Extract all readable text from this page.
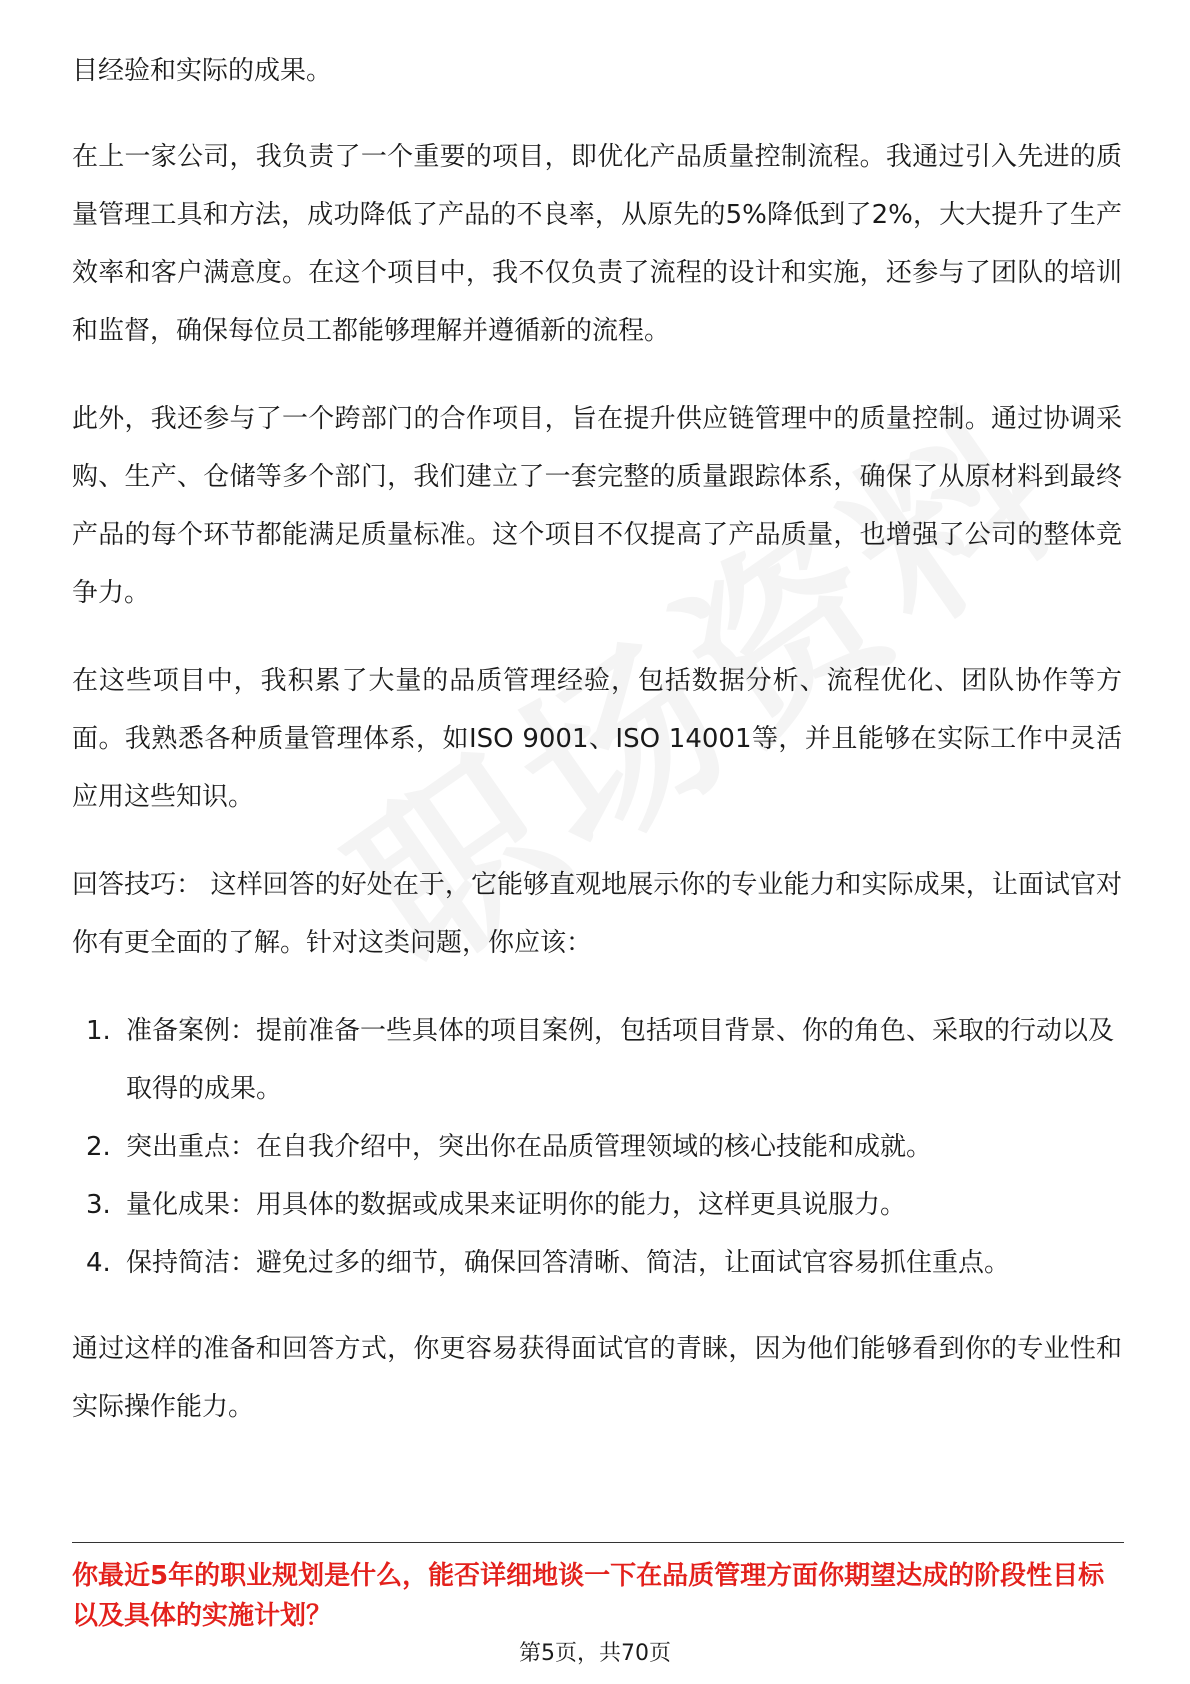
目经验和实际的成果。

在上一家公司，我负责了一个重要的项目，即优化产品质量控制流程。我通过引入先进的质量管理工具和方法，成功降低了产品的不良率，从原先的5%降低到了2%，大大提升了生产效率和客户满意度。在这个项目中，我不仅负责了流程的设计和实施，还参与了团队的培训和监督，确保每位员工都能够理解并遵循新的流程。

此外，我还参与了一个跨部门的合作项目，旨在提升供应链管理中的质量控制。通过协调采购、生产、仓储等多个部门，我们建立了一套完整的质量跟踪体系，确保了从原材料到最终产品的每个环节都能满足质量标准。这个项目不仅提高了产品质量，也增强了公司的整体竞争力。

在这些项目中，我积累了大量的品质管理经验，包括数据分析、流程优化、团队协作等方面。我熟悉各种质量管理体系，如ISO 9001、ISO 14001等，并且能够在实际工作中灵活应用这些知识。

回答技巧： 这样回答的好处在于，它能够直观地展示你的专业能力和实际成果，让面试官对你有更全面的了解。针对这类问题，你应该：

1. 准备案例：提前准备一些具体的项目案例，包括项目背景、你的角色、采取的行动以及取得的成果。
2. 突出重点：在自我介绍中，突出你在品质管理领域的核心技能和成就。
3. 量化成果：用具体的数据或成果来证明你的能力，这样更具说服力。
4. 保持简洁：避免过多的细节，确保回答清晰、简洁，让面试官容易抓住重点。

通过这样的准备和回答方式，你更容易获得面试官的青睐，因为他们能够看到你的专业性和实际操作能力。

你最近5年的职业规划是什么，能否详细地谈一下在品质管理方面你期望达成的阶段性目标以及具体的实施计划？
第5页，共70页
